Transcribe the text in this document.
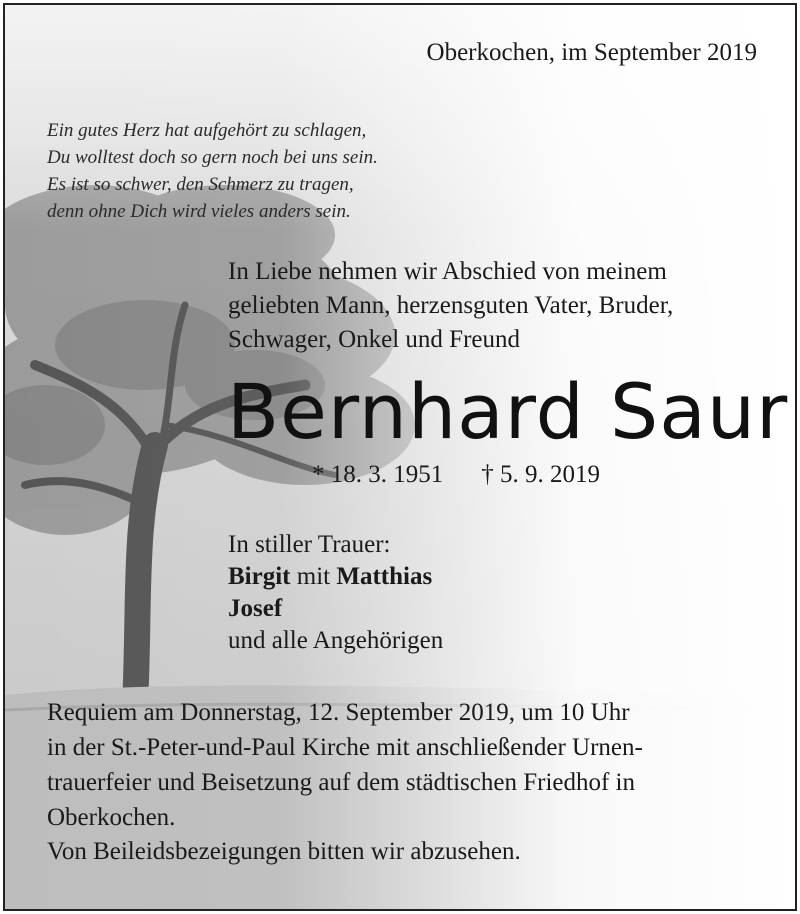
Oberkochen, im September 2019
Ein gutes Herz hat aufgehört zu schlagen,
Du wolltest doch so gern noch bei uns sein.
Es ist so schwer, den Schmerz zu tragen,
denn ohne Dich wird vieles anders sein.
In Liebe nehmen wir Abschied von meinem
geliebten Mann, herzensguten Vater, Bruder,
Schwager, Onkel und Freund
Bernhard Saur
* 18. 3. 1951 † 5. 9. 2019
In stiller Trauer:
Birgit mit Matthias
Josef
und alle Angehörigen
Requiem am Donnerstag, 12. September 2019, um 10 Uhr
in der St.-Peter-und-Paul Kirche mit anschließender Urnen-
trauerfeier und Beisetzung auf dem städtischen Friedhof in
Oberkochen.
Von Beileidsbezeigungen bitten wir abzusehen.
